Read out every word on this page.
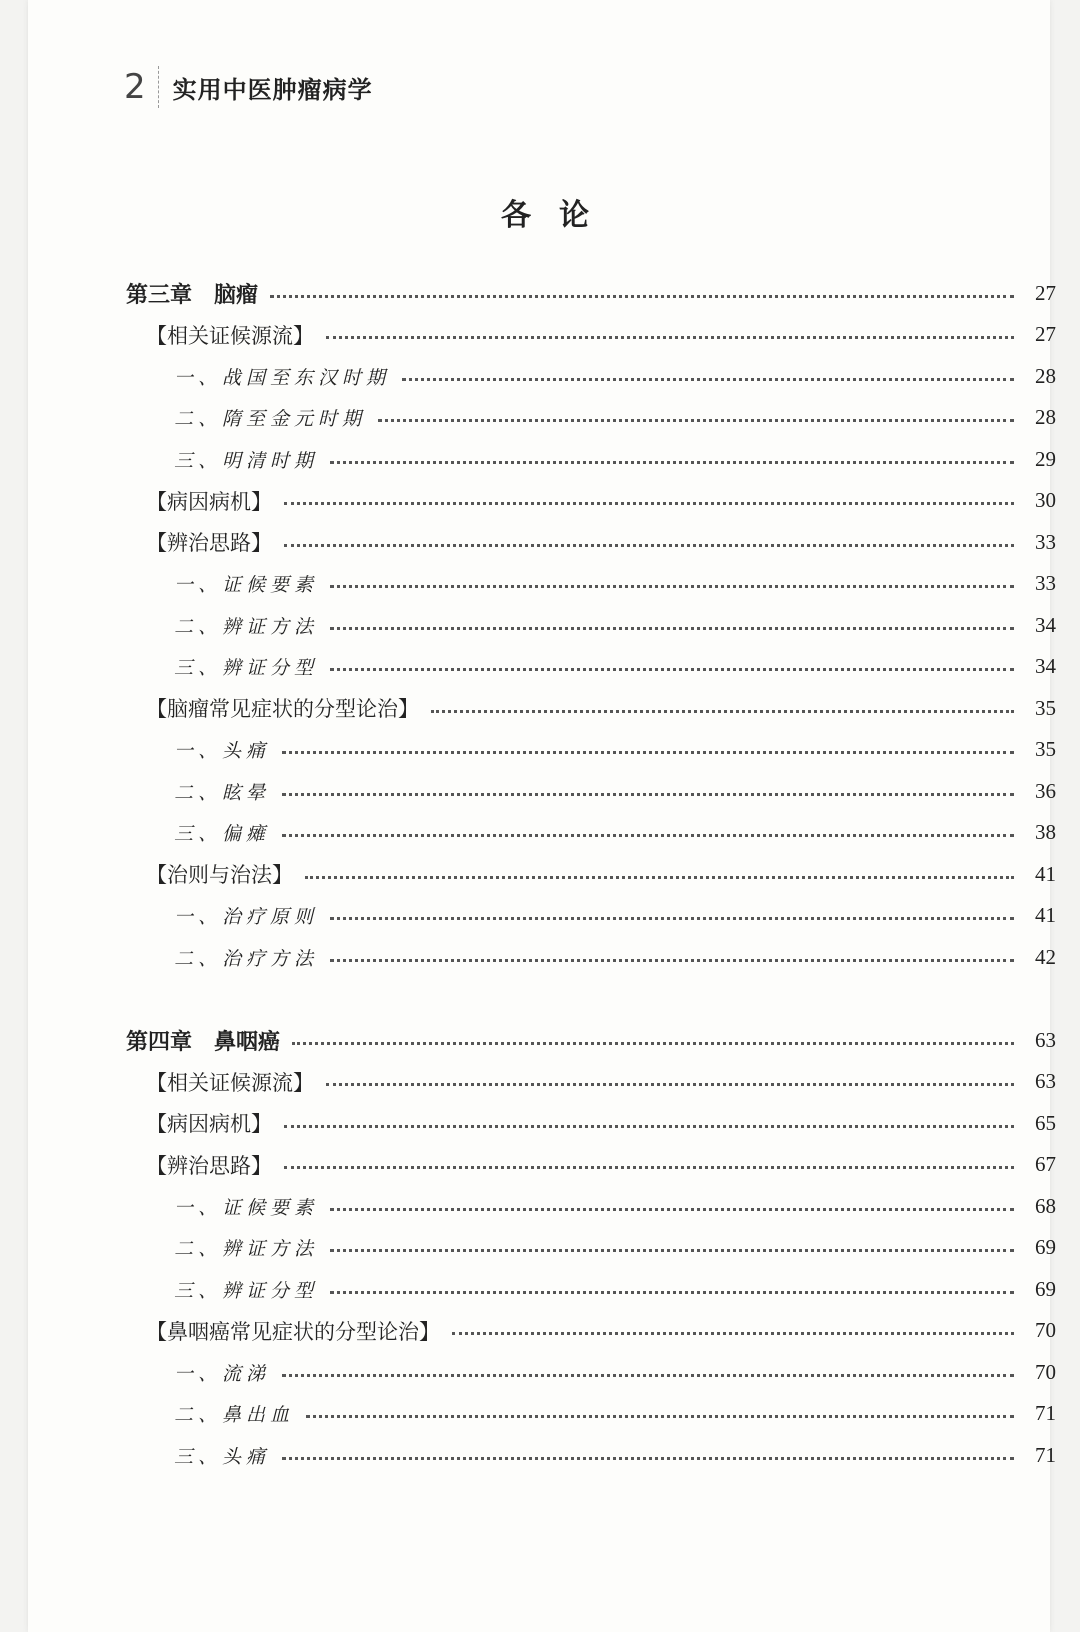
2 实用中医肿瘤病学
各论
第三章　脑瘤	27
【相关证候源流】	27
一、战国至东汉时期	28
二、隋至金元时期	28
三、明清时期	29
【病因病机】	30
【辨治思路】	33
一、证候要素	33
二、辨证方法	34
三、辨证分型	34
【脑瘤常见症状的分型论治】	35
一、头痛	35
二、眩晕	36
三、偏瘫	38
【治则与治法】	41
一、治疗原则	41
二、治疗方法	42
第四章　鼻咽癌	63
【相关证候源流】	63
【病因病机】	65
【辨治思路】	67
一、证候要素	68
二、辨证方法	69
三、辨证分型	69
【鼻咽癌常见症状的分型论治】	70
一、流涕	70
二、鼻出血	71
三、头痛	71
